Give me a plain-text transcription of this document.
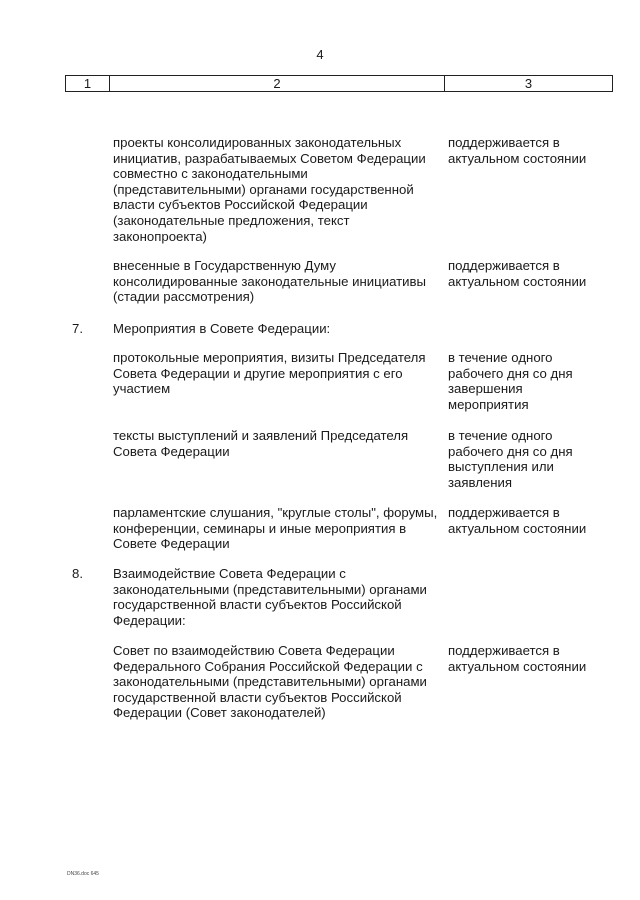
4
1	2	3
проекты консолидированных законодательных инициатив, разрабатываемых Советом Федерации совместно с законодательными (представительными) органами государственной власти субъектов Российской Федерации (законодательные предложения, текст законопроекта)
поддерживается в актуальном состоянии
внесенные в Государственную Думу консолидированные законодательные инициативы (стадии рассмотрения)
поддерживается в актуальном состоянии
7. Мероприятия в Совете Федерации:
протокольные мероприятия, визиты Председателя Совета Федерации и другие мероприятия с его участием
в течение одного рабочего дня со дня завершения мероприятия
тексты выступлений и заявлений Председателя Совета Федерации
в течение одного рабочего дня со дня выступления или заявления
парламентские слушания, "круглые столы", форумы, конференции, семинары и иные мероприятия в Совете Федерации
поддерживается в актуальном состоянии
8. Взаимодействие Совета Федерации с законодательными (представительными) органами государственной власти субъектов Российской Федерации:
Совет по взаимодействию Совета Федерации Федерального Собрания Российской Федерации с законодательными (представительными) органами государственной власти субъектов Российской Федерации (Совет законодателей)
поддерживается в актуальном состоянии
DN36.doc 645
